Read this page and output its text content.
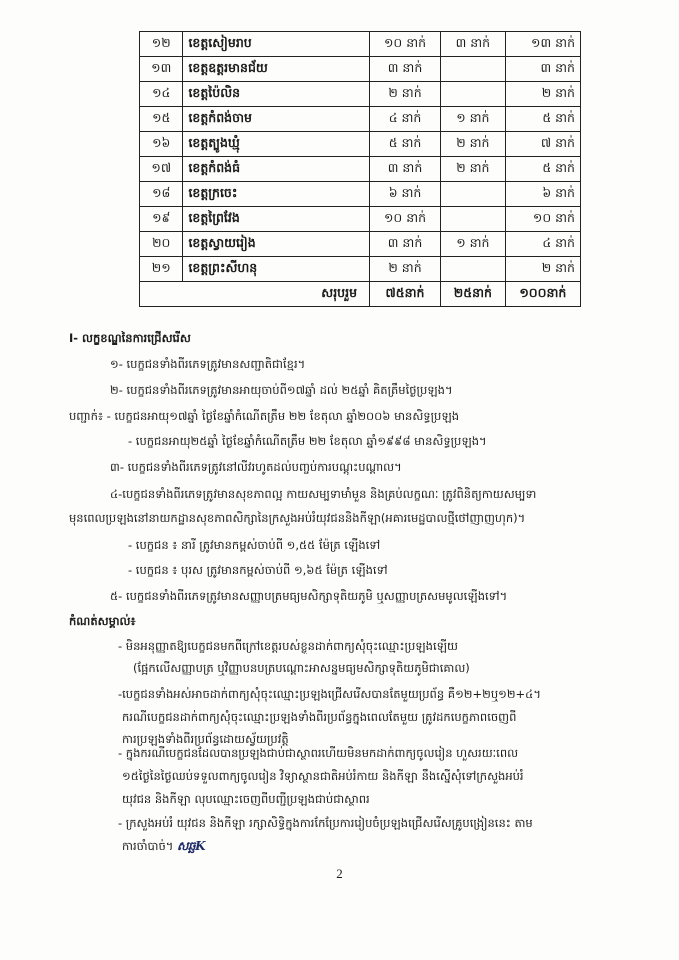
១២	ខេត្តសៀមរាប	១០ នាក់	៣ នាក់	១៣ នាក់
១៣	ខេត្តឧត្តរមានជ័យ	៣ នាក់		៣ នាក់
១៤	ខេត្តប៉ៃលិន	២ នាក់		២ នាក់
១៥	ខេត្តកំពង់ចាម	៤ នាក់	១ នាក់	៥ នាក់
១៦	ខេត្តត្បូងឃ្មុំ	៥ នាក់	២ នាក់	៧ នាក់
១៧	ខេត្តកំពង់ធំ	៣ នាក់	២ នាក់	៥ នាក់
១៨	ខេត្តក្រចេះ	៦ នាក់		៦ នាក់
១៩	ខេត្តព្រៃវែង	១០ នាក់		១០ នាក់
២០	ខេត្តស្វាយរៀង	៣ នាក់	១ នាក់	៤ នាក់
២១	ខេត្តព្រះសីហនុ	២ នាក់		២ នាក់
សរុបរួម		៧៥នាក់	២៥នាក់	១០០នាក់
I- លក្ខខណ្ឌនៃការជ្រើសរើស
១- បេក្ខជនទាំងពីរភេទត្រូវមានសញ្ជាតិជាខ្មែរ។
២- បេក្ខជនទាំងពីរភេទត្រូវមានអាយុចាប់ពី១៧ឆ្នាំ ដល់ ២៥ឆ្នាំ គិតត្រឹមថ្ងៃប្រឡង។
បញ្ជាក់៖ - បេក្ខជនអាយុ១៧ឆ្នាំ ថ្ងៃខែឆ្នាំកំណើតត្រឹម ២២ ខែតុលា ឆ្នាំ២០០៦ មានសិទ្ធប្រឡង
- បេក្ខជនអាយុ២៥ឆ្នាំ ថ្ងៃខែឆ្នាំកំណើតត្រឹម ២២ ខែតុលា ឆ្នាំ១៩៩៨ មានសិទ្ធប្រឡង។
៣- បេក្ខជនទាំងពីរភេទត្រូវនៅលីវរហូតដល់បញ្ចប់ការបណ្តុះបណ្តាល។
៤-បេក្ខជនទាំងពីរភេទត្រូវមានសុខភាពល្អ កាយសម្បទាមាំមួន និងគ្រប់លក្ខណៈ ត្រូវពិនិត្យកាយសម្បទា
មុនពេលប្រឡងនៅនាយកដ្ឋានសុខភាពសិក្សានៃក្រសួងអប់រំយុវជននិងកីឡា(អគារមេដ្ឋបាលថ្មីថៅញាញហុក)។
- បេក្ខជន ៖ នារី ត្រូវមានកម្ពស់ចាប់ពី ១,៥៥ ម៉ែត្រ ឡើងទៅ
- បេក្ខជន ៖ បុរស ត្រូវមានកម្ពស់ចាប់ពី ១,៦៥ ម៉ែត្រ ឡើងទៅ
៥- បេក្ខជនទាំងពីរភេទត្រូវមានសញ្ញាបត្រមធ្យមសិក្សាទុតិយភូមិ ឬសញ្ញាបត្រសមមូលឡើងទៅ។
កំណត់សម្គាល់៖
- មិនអនុញ្ញាតឱ្យបេក្ខជនមកពីក្រៅខេត្តរបស់ខ្លួនដាក់ពាក្យសុំចុះឈ្មោះប្រឡងឡើយ
(ផ្អែកលើសញ្ញាបត្រ ឬវិញ្ញាបនបត្របណ្តោះអាសន្នមធ្យមសិក្សាទុតិយភូមិជាគោល)
-បេក្ខជនទាំងអស់អាចដាក់ពាក្យសុំចុះឈ្មោះប្រឡងជ្រើសរើសបានតែមួយប្រព័ន្ធ គឺ១២+២ឬ១២+៤។
ករណីបេក្ខជនដាក់ពាក្យសុំចុះឈ្មោះប្រឡងទាំងពីរប្រព័ន្ធក្នុងពេលតែមួយ ត្រូវដកបេក្ខភាពចេញពី
ការប្រឡងទាំងពីរប្រព័ន្ធដោយស្វ័យប្រវត្តិ
- ក្នុងករណីបេក្ខជនដែលបានប្រឡងជាប់ជាស្ថាពរហើយមិនមកដាក់ពាក្យចូលរៀន ហួសរយៈពេល
១៥ថ្ងៃនៃថ្ងៃឈប់ទទួលពាក្យចូលរៀន វិទ្យាស្ថានជាតិអប់រំកាយ និងកីឡា នឹងស្នើសុំទៅក្រសួងអប់រំ
យុវជន និងកីឡា លុបឈ្មោះចេញពីបញ្ជីប្រឡងជាប់ជាស្ថាពរ
- ក្រសួងអប់រំ យុវជន និងកីឡា រក្សាសិទ្ធិក្នុងការកែប្រែការរៀបចំប្រឡងជ្រើសរើសគ្រូបង្រៀននេះ តាម
ការចាំបាច់។ សឆ្ឆK
2
